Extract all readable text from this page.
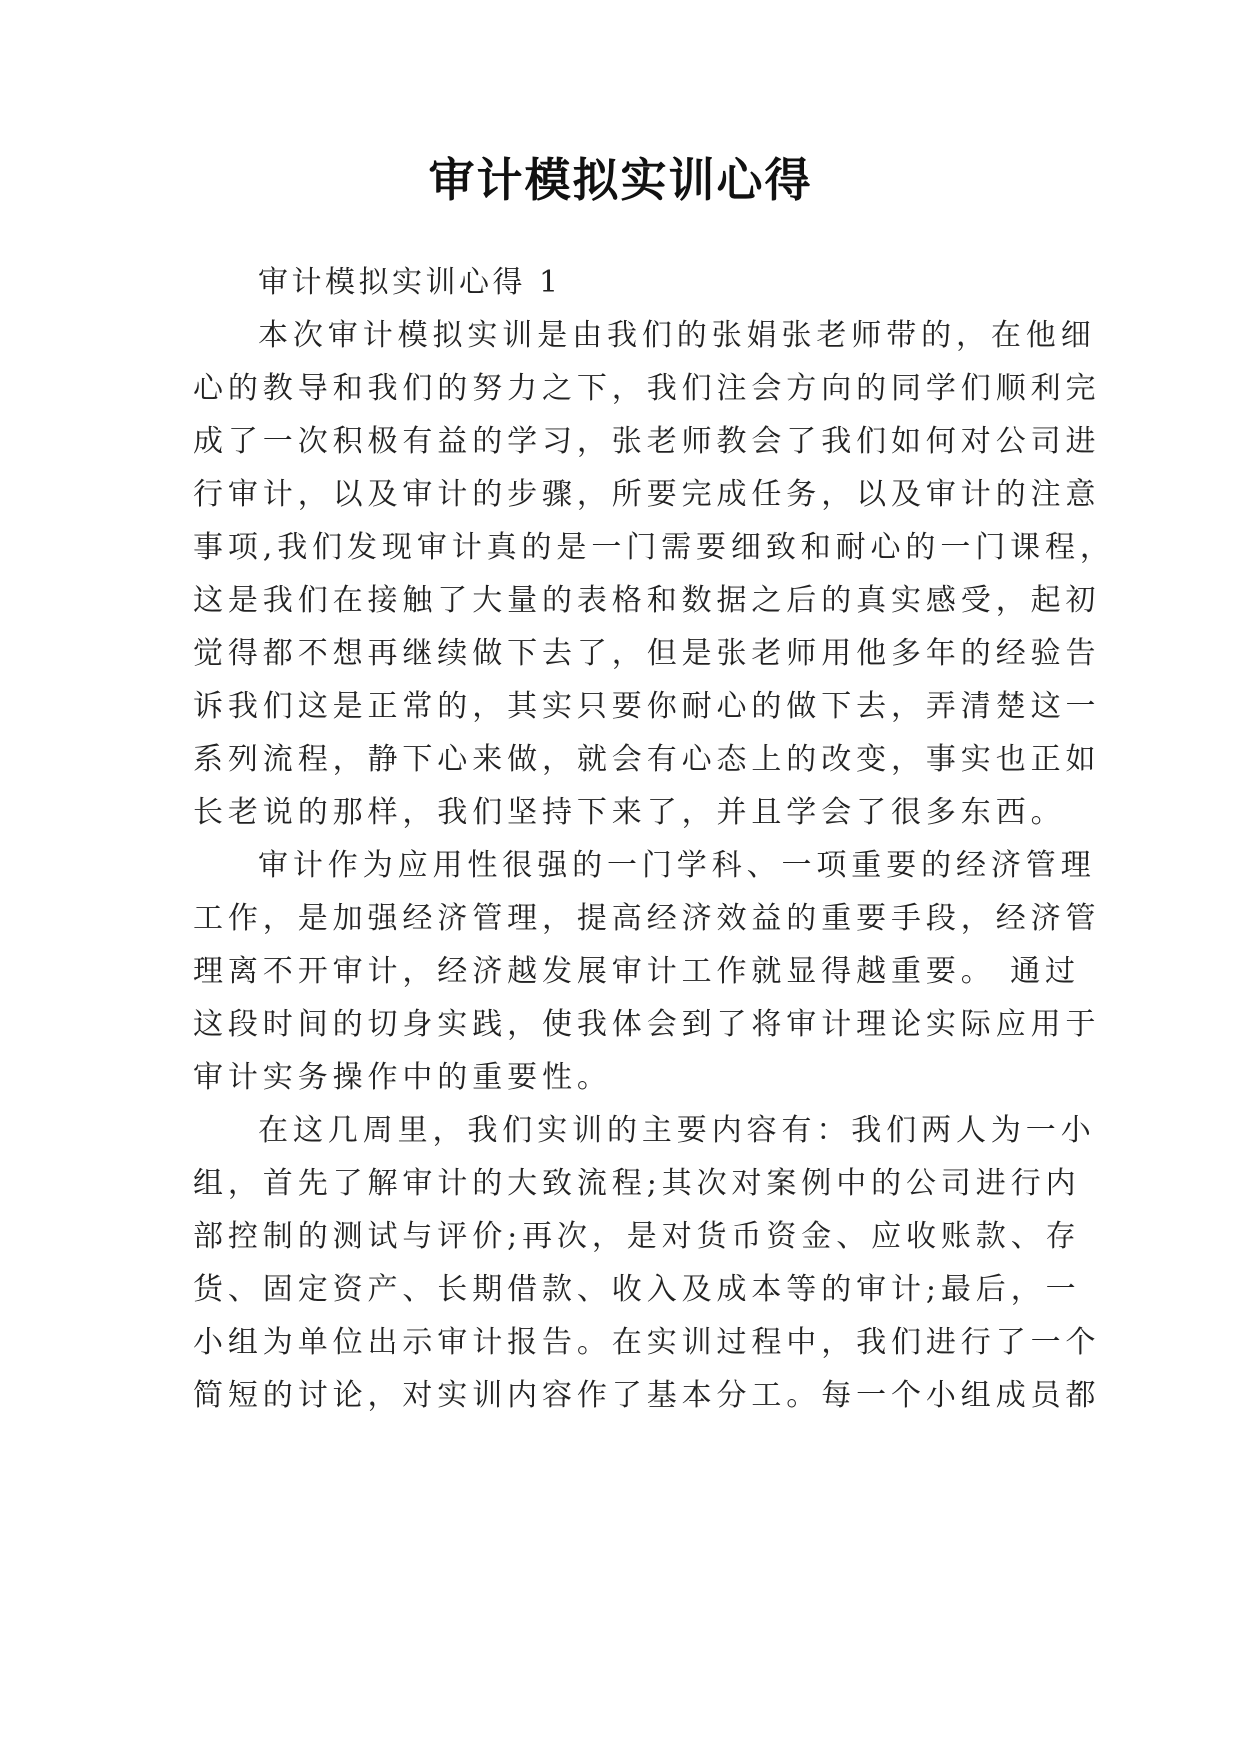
审计模拟实训心得
审计模拟实训心得 1
本次审计模拟实训是由我们的张娟张老师带的，在他细
心的教导和我们的努力之下，我们注会方向的同学们顺利完
成了一次积极有益的学习，张老师教会了我们如何对公司进
行审计，以及审计的步骤，所要完成任务，以及审计的注意
事项,我们发现审计真的是一门需要细致和耐心的一门课程，
这是我们在接触了大量的表格和数据之后的真实感受，起初
觉得都不想再继续做下去了，但是张老师用他多年的经验告
诉我们这是正常的，其实只要你耐心的做下去，弄清楚这一
系列流程，静下心来做，就会有心态上的改变，事实也正如
长老说的那样，我们坚持下来了，并且学会了很多东西。
审计作为应用性很强的一门学科、一项重要的经济管理
工作，是加强经济管理，提高经济效益的重要手段，经济管
理离不开审计，经济越发展审计工作就显得越重要。 通过
这段时间的切身实践，使我体会到了将审计理论实际应用于
审计实务操作中的重要性。
在这几周里，我们实训的主要内容有：我们两人为一小
组，首先了解审计的大致流程;其次对案例中的公司进行内
部控制的测试与评价;再次，是对货币资金、应收账款、存
货、固定资产、长期借款、收入及成本等的审计;最后，一
小组为单位出示审计报告。在实训过程中，我们进行了一个
简短的讨论，对实训内容作了基本分工。每一个小组成员都
